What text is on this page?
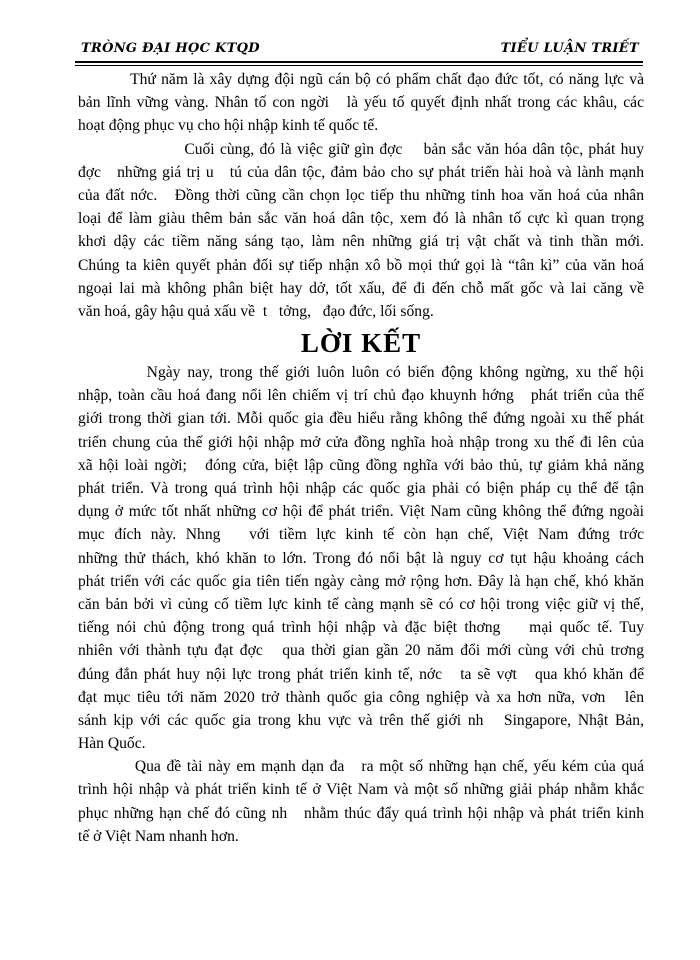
TRÒNG ĐẠI HỌC KTQD	TIỂU LUẬN TRIẾT
Thứ năm là xây dựng đội ngũ cán bộ có phẩm chất đạo đức tốt, có năng lực và
bản lĩnh vững vàng. Nhân tố con ngời   là yếu tố quyết định nhất trong các khâu, các
hoạt động phục vụ cho hội nhập kinh tế quốc tế.
Cuối cùng, đó là việc giữ gìn đợc    bản sắc văn hóa dân tộc, phát huy
đợc   những giá trị u   tú của dân tộc, đảm bảo cho sự phát triển hài hoà và lành mạnh
của đất nớc.   Đồng thời cũng cần chọn lọc tiếp thu những tinh hoa văn hoá của nhân
loại để làm giàu thêm bản sắc văn hoá dân tộc, xem đó là nhân tố cực kì quan trọng
khơi dậy các tiềm năng sáng tạo, làm nên những giá trị vật chất và tinh thần mới.
Chúng ta kiên quyết phản đối sự tiếp nhận xô bồ mọi thứ gọi là “tân kì” của văn hoá
ngoại lai mà không phân biệt hay dở, tốt xấu, để đi đến chỗ mất gốc và lai căng về
văn hoá, gây hậu quả xấu về  t   tởng,   đạo đức, lối sống.
LỜI KẾT
Ngày nay, trong thế giới luôn luôn có biến động không ngừng, xu thế hội
nhập, toàn cầu hoá đang nổi lên chiếm vị trí chủ đạo khuynh hớng   phát triển của thế
giới trong thời gian tới. Mỗi quốc gia đều hiểu rằng không thể đứng ngoài xu thế phát
triển chung của thế giới hội nhập mở cửa đồng nghĩa hoà nhập trong xu thế đi lên của
xã hội loài ngời;   đóng cửa, biệt lập cũng đồng nghĩa với bảo thủ, tự giảm khả năng
phát triển. Và trong quá trình hội nhập các quốc gia phải có biện pháp cụ thể để tận
dụng ở mức tốt nhất những cơ hội để phát triển. Việt Nam cũng không thể đứng ngoài
mục đích này. Nhng   với tiềm lực kinh tế còn hạn chế, Việt Nam đứng trớc
những thử thách, khó khăn to lớn. Trong đó nổi bật là nguy cơ tụt hậu khoảng cách
phát triển với các quốc gia tiên tiến ngày càng mở rộng hơn. Đây là hạn chế, khó khăn
căn bản bởi vì củng cố tiềm lực kinh tế càng mạnh sẽ có cơ hội trong việc giữ vị thế,
tiếng nói chủ động trong quá trình hội nhập và đặc biệt thơng    mại quốc tế. Tuy
nhiên với thành tựu đạt đợc   qua thời gian gần 20 năm đổi mới cùng với chủ trơng
đúng đắn phát huy nội lực trong phát triển kinh tế, nớc   ta sẽ vợt   qua khó khăn để
đạt mục tiêu tới năm 2020 trở thành quốc gia công nghiệp và xa hơn nữa, vơn   lên
sánh kịp với các quốc gia trong khu vực và trên thế giới nh   Singapore, Nhật Bản,
Hàn Quốc.
Qua đề tài này em mạnh dạn đa   ra một số những hạn chế, yếu kém của quá
trình hội nhập và phát triển kinh tế ở Việt Nam và một số những giải pháp nhằm khắc
phục những hạn chế đó cũng nh   nhằm thúc đẩy quá trình hội nhập và phát triển kinh
tế ở Việt Nam nhanh hơn.
